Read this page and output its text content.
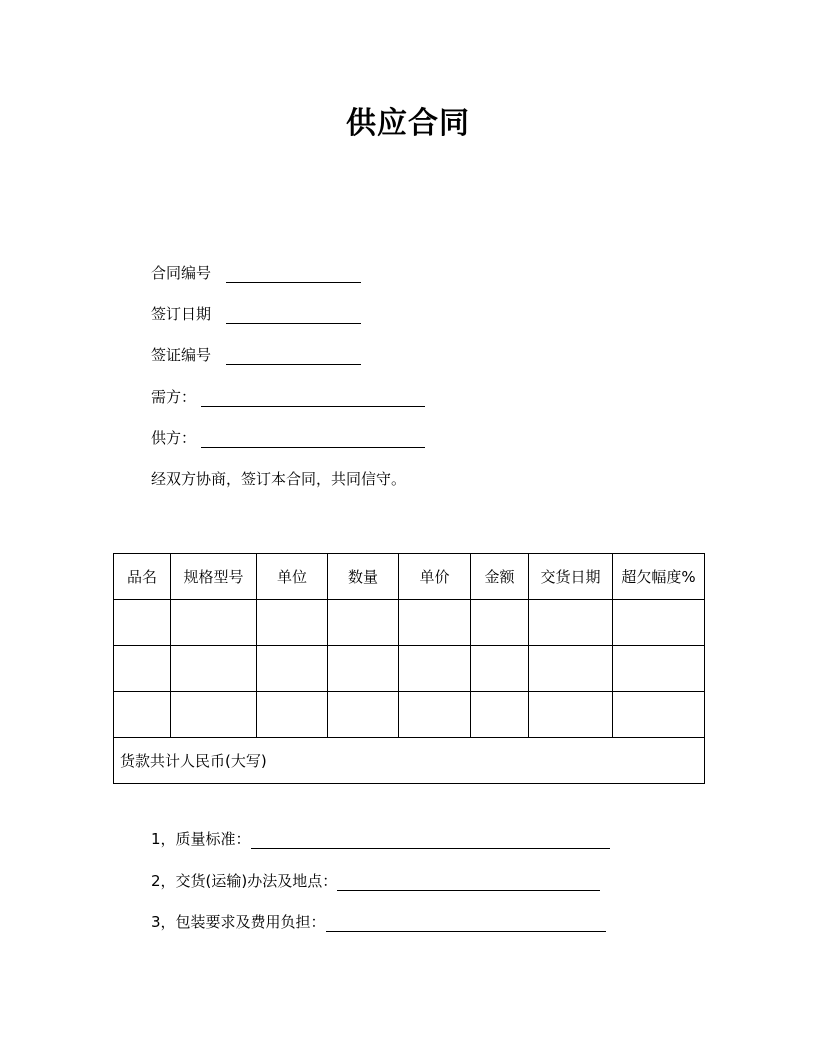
供应合同
合同编号
签订日期
签证编号
需方：
供方：
经双方协商，签订本合同，共同信守。
品名	规格型号	单位	数量	单价	金额	交货日期	超欠幅度%

货款共计人民币(大写)							
1，质量标准：
2，交货(运输)办法及地点：
3，包装要求及费用负担：
